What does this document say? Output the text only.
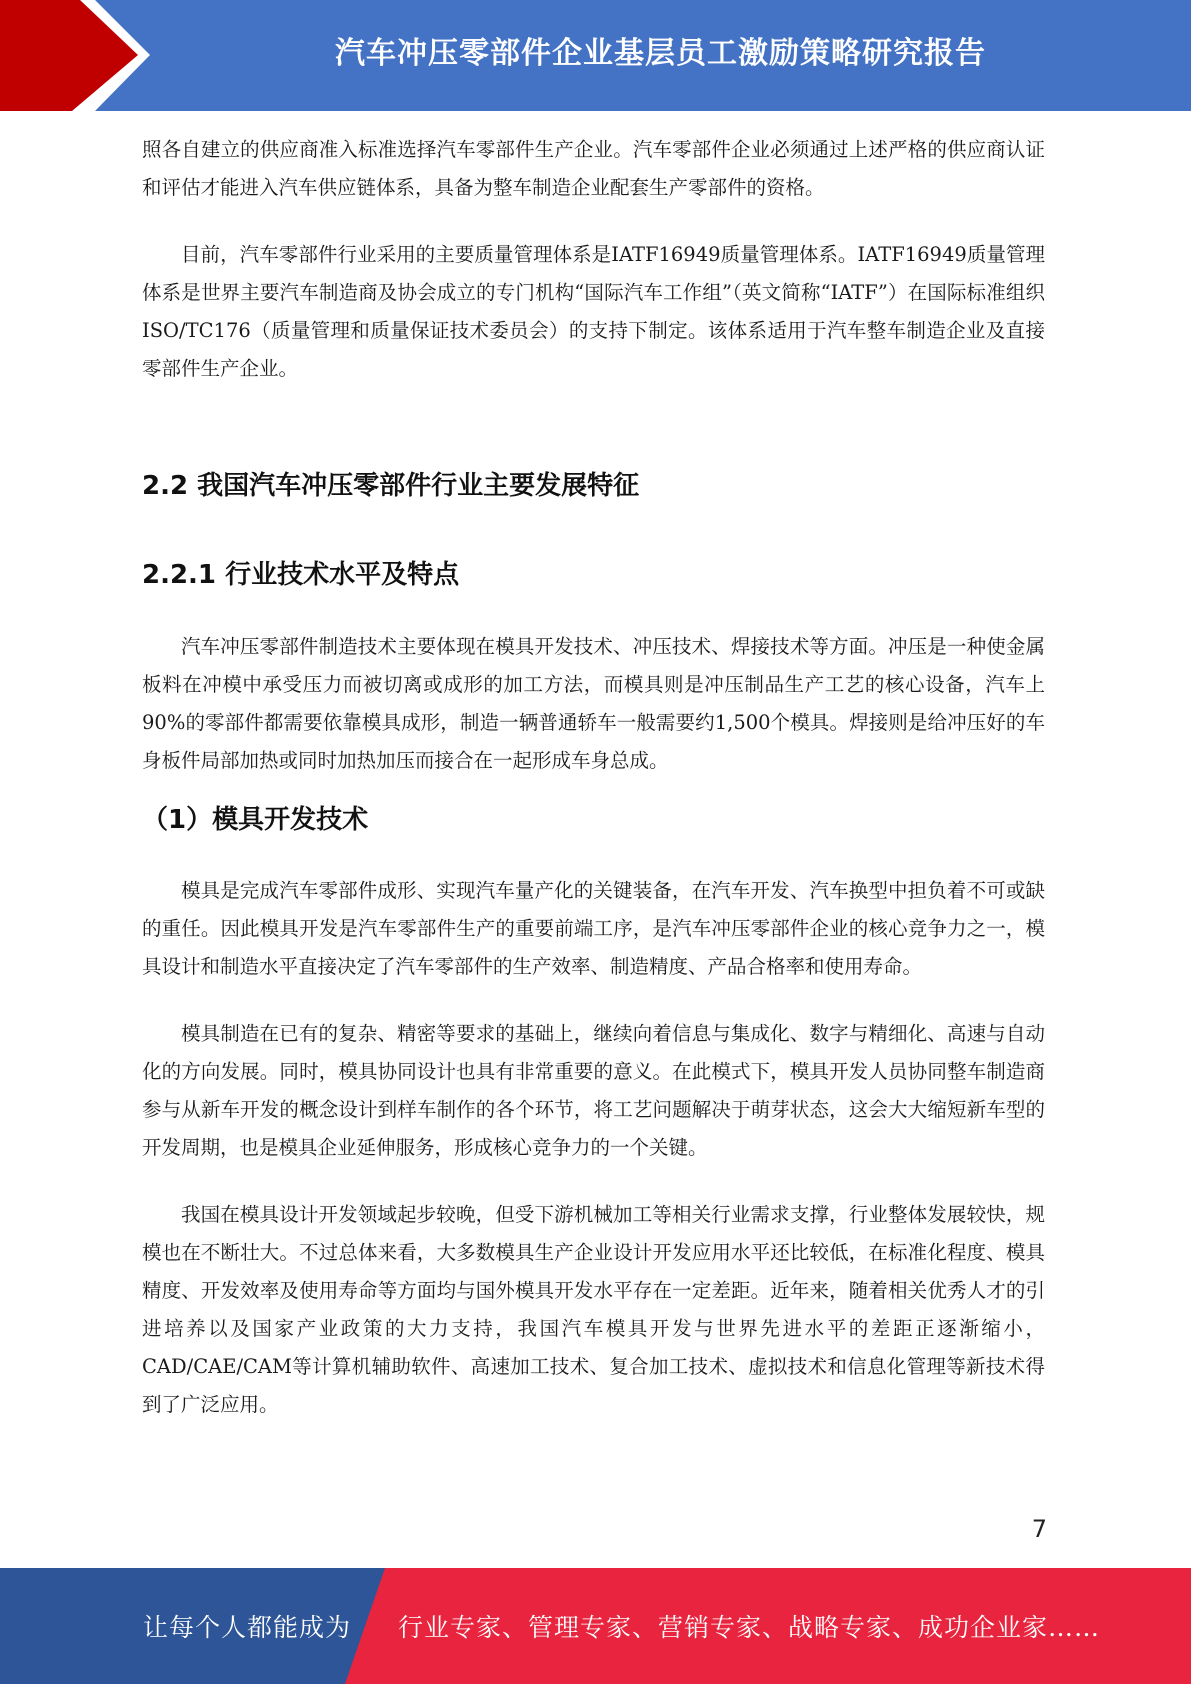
汽车冲压零部件企业基层员工激励策略研究报告

照各自建立的供应商准入标准选择汽车零部件生产企业。汽车零部件企业必须通过上述严格的供应商认证和评估才能进入汽车供应链体系，具备为整车制造企业配套生产零部件的资格。

目前，汽车零部件行业采用的主要质量管理体系是IATF16949质量管理体系。IATF16949质量管理体系是世界主要汽车制造商及协会成立的专门机构“国际汽车工作组”（英文简称“IATF”）在国际标准组织ISO/TC176（质量管理和质量保证技术委员会）的支持下制定。该体系适用于汽车整车制造企业及直接零部件生产企业。

2.2 我国汽车冲压零部件行业主要发展特征
2.2.1 行业技术水平及特点

汽车冲压零部件制造技术主要体现在模具开发技术、冲压技术、焊接技术等方面。冲压是一种使金属板料在冲模中承受压力而被切离或成形的加工方法，而模具则是冲压制品生产工艺的核心设备，汽车上90%的零部件都需要依靠模具成形，制造一辆普通轿车一般需要约1,500个模具。焊接则是给冲压好的车身板件局部加热或同时加热加压而接合在一起形成车身总成。

（1）模具开发技术

模具是完成汽车零部件成形、实现汽车量产化的关键装备，在汽车开发、汽车换型中担负着不可或缺的重任。因此模具开发是汽车零部件生产的重要前端工序，是汽车冲压零部件企业的核心竞争力之一，模具设计和制造水平直接决定了汽车零部件的生产效率、制造精度、产品合格率和使用寿命。

模具制造在已有的复杂、精密等要求的基础上，继续向着信息与集成化、数字与精细化、高速与自动化的方向发展。同时，模具协同设计也具有非常重要的意义。在此模式下，模具开发人员协同整车制造商参与从新车开发的概念设计到样车制作的各个环节，将工艺问题解决于萌芽状态，这会大大缩短新车型的开发周期，也是模具企业延伸服务，形成核心竞争力的一个关键。

我国在模具设计开发领域起步较晚，但受下游机械加工等相关行业需求支撑，行业整体发展较快，规模也在不断壮大。不过总体来看，大多数模具生产企业设计开发应用水平还比较低，在标准化程度、模具精度、开发效率及使用寿命等方面均与国外模具开发水平存在一定差距。近年来，随着相关优秀人才的引进培养以及国家产业政策的大力支持，我国汽车模具开发与世界先进水平的差距正逐渐缩小，CAD/CAE/CAM等计算机辅助软件、高速加工技术、复合加工技术、虚拟技术和信息化管理等新技术得到了广泛应用。

7
让每个人都能成为 行业专家、管理专家、营销专家、战略专家、成功企业家……
